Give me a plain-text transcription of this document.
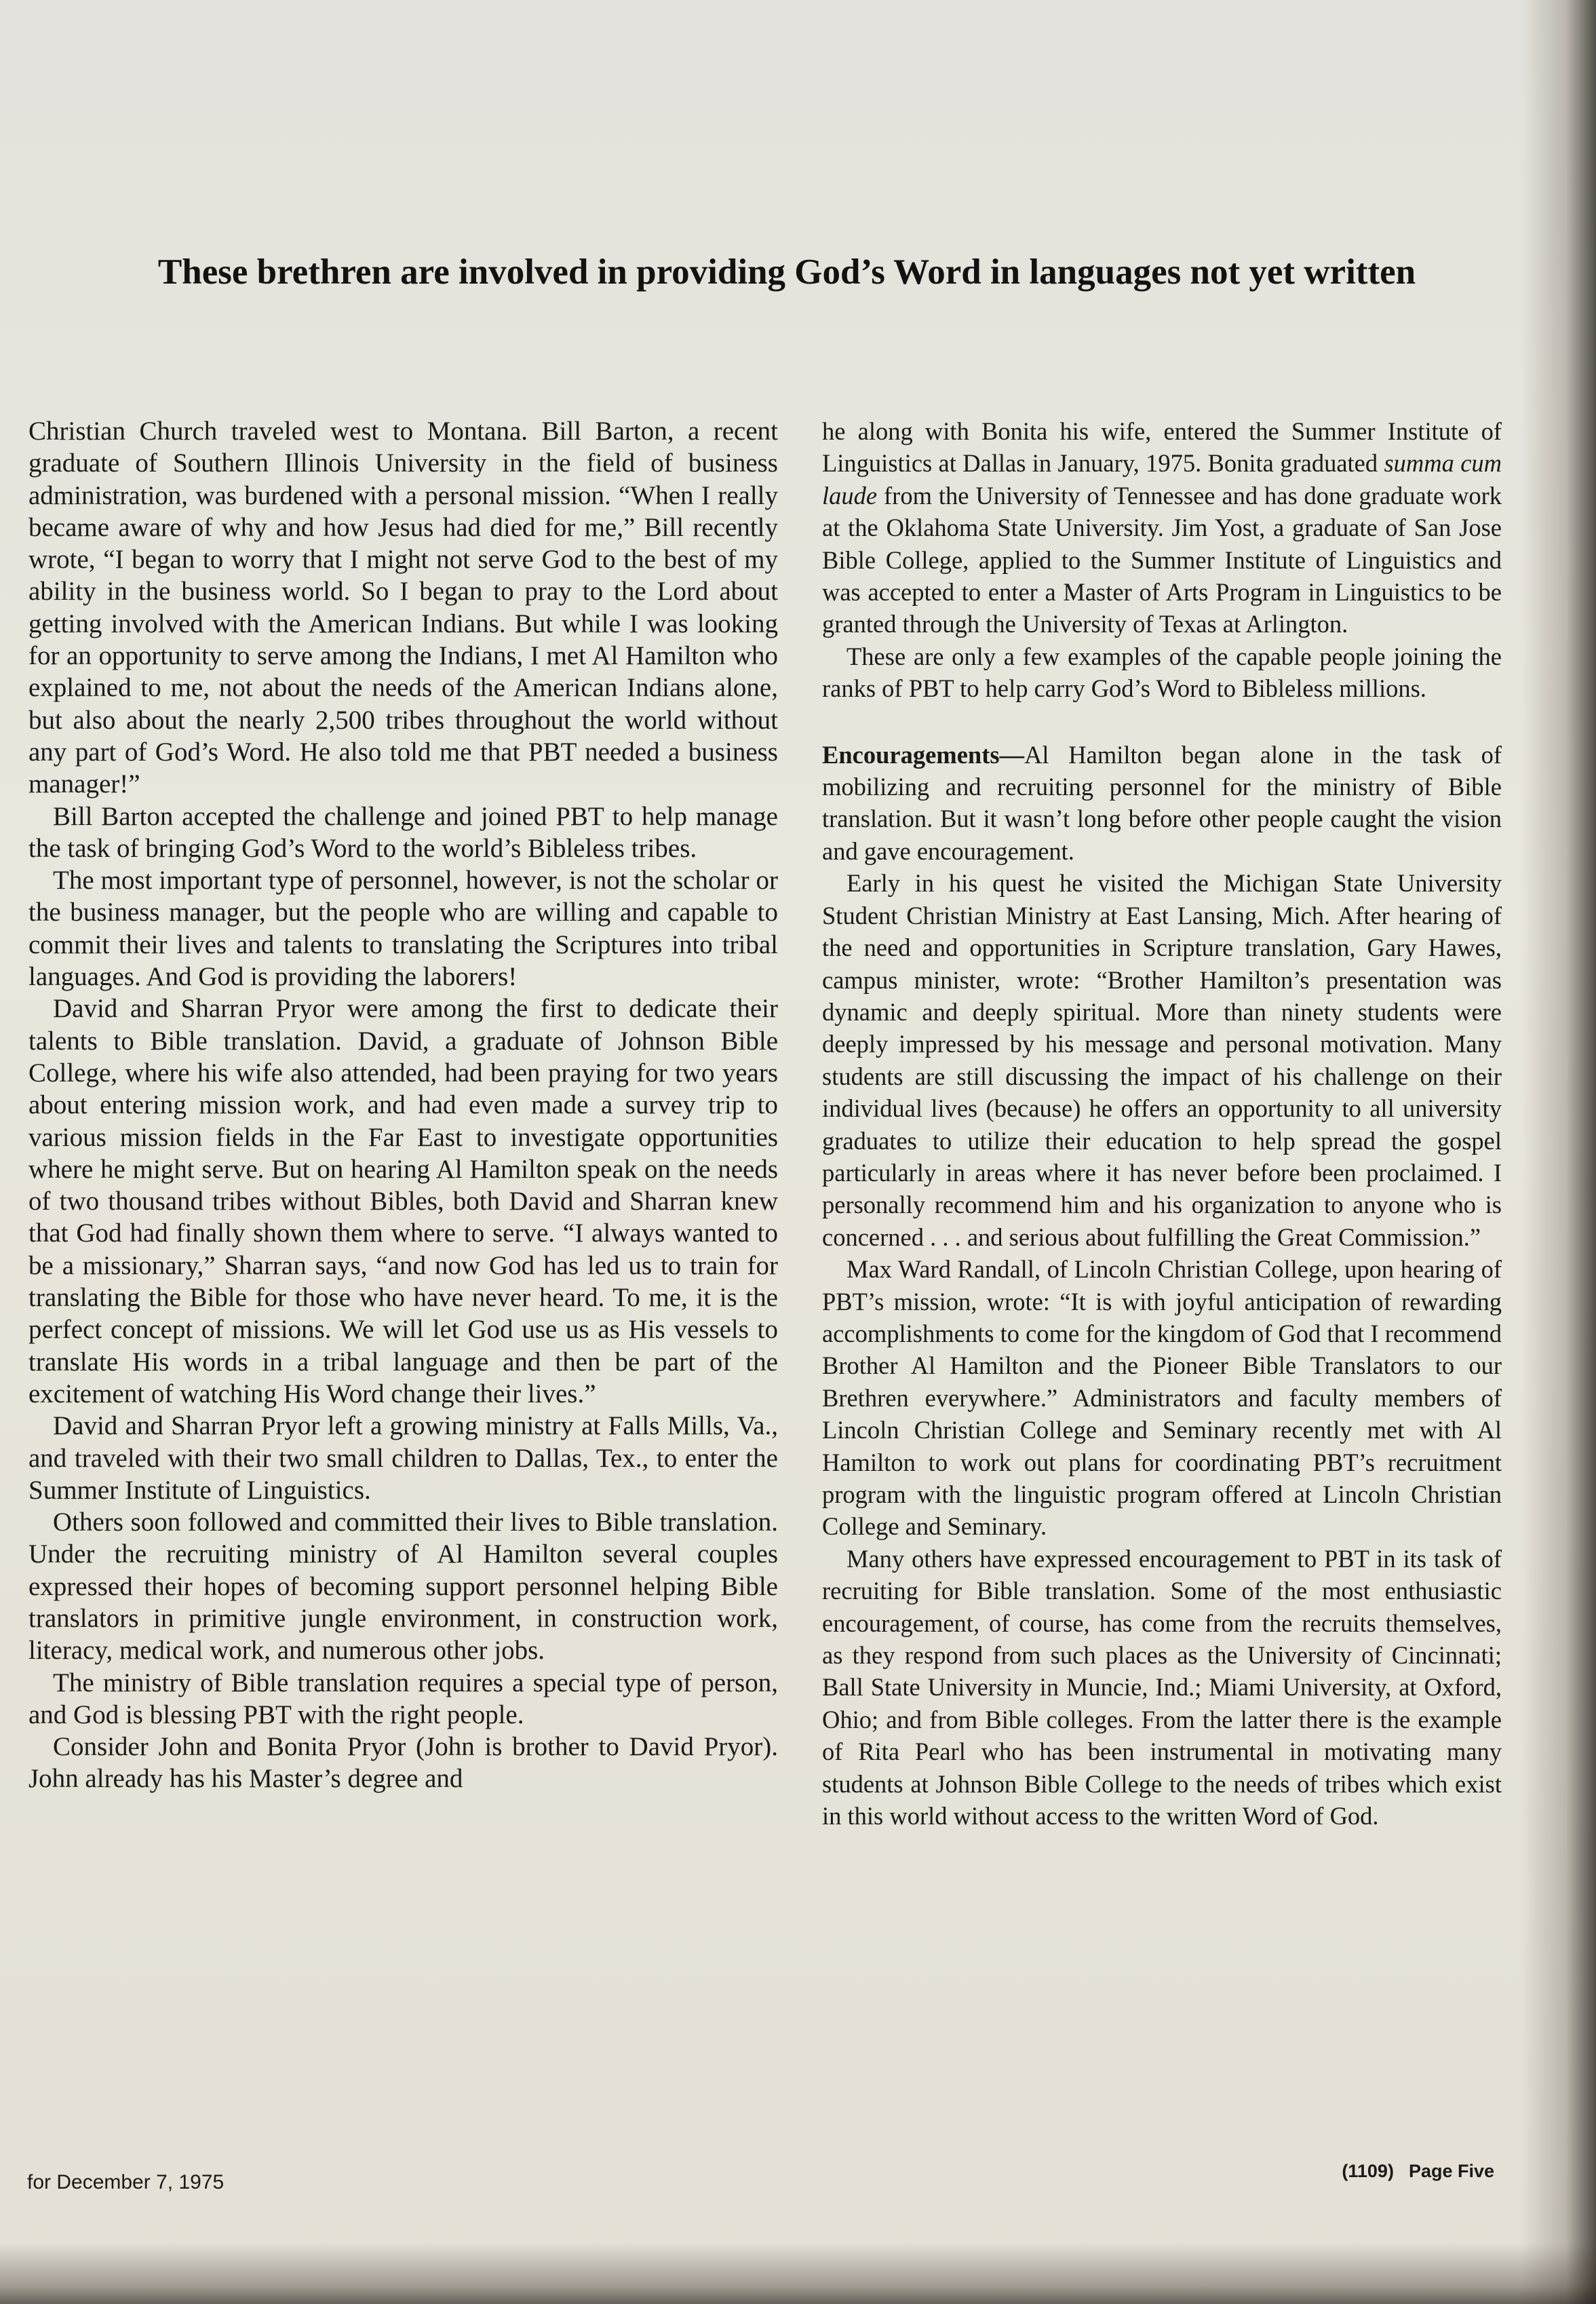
These brethren are involved in providing God’s Word in languages not yet written

Christian Church traveled west to Montana. Bill Barton, a recent graduate of Southern Illinois University in the field of business administration, was burdened with a personal mission. “When I really became aware of why and how Jesus had died for me,” Bill recently wrote, “I began to worry that I might not serve God to the best of my ability in the business world. So I began to pray to the Lord about getting involved with the American Indians. But while I was looking for an opportunity to serve among the Indians, I met Al Hamilton who explained to me, not about the needs of the American Indians alone, but also about the nearly 2,500 tribes throughout the world without any part of God’s Word. He also told me that PBT needed a business manager!”

Bill Barton accepted the challenge and joined PBT to help manage the task of bringing God’s Word to the world’s Bibleless tribes.

The most important type of personnel, however, is not the scholar or the business manager, but the people who are willing and capable to commit their lives and talents to translating the Scriptures into tribal languages. And God is providing the laborers!

David and Sharran Pryor were among the first to dedicate their talents to Bible translation. David, a graduate of Johnson Bible College, where his wife also attended, had been praying for two years about entering mission work, and had even made a survey trip to various mission fields in the Far East to investigate opportunities where he might serve. But on hearing Al Hamilton speak on the needs of two thousand tribes without Bibles, both David and Sharran knew that God had finally shown them where to serve. “I always wanted to be a missionary,” Sharran says, “and now God has led us to train for translating the Bible for those who have never heard. To me, it is the perfect concept of missions. We will let God use us as His vessels to translate His words in a tribal language and then be part of the excitement of watching His Word change their lives.”

David and Sharran Pryor left a growing ministry at Falls Mills, Va., and traveled with their two small children to Dallas, Tex., to enter the Summer Institute of Linguistics.

Others soon followed and committed their lives to Bible translation. Under the recruiting ministry of Al Hamilton several couples expressed their hopes of becoming support personnel helping Bible translators in primitive jungle environment, in construction work, literacy, medical work, and numerous other jobs.

The ministry of Bible translation requires a special type of person, and God is blessing PBT with the right people.

Consider John and Bonita Pryor (John is brother to David Pryor). John already has his Master’s degree and

he along with Bonita his wife, entered the Summer Institute of Linguistics at Dallas in January, 1975. Bonita graduated summa cum laude from the University of Tennessee and has done graduate work at the Oklahoma State University. Jim Yost, a graduate of San Jose Bible College, applied to the Summer Institute of Linguistics and was accepted to enter a Master of Arts Program in Linguistics to be granted through the University of Texas at Arlington.

These are only a few examples of the capable people joining the ranks of PBT to help carry God’s Word to Bibleless millions.

Encouragements—Al Hamilton began alone in the task of mobilizing and recruiting personnel for the ministry of Bible translation. But it wasn’t long before other people caught the vision and gave encouragement.

Early in his quest he visited the Michigan State University Student Christian Ministry at East Lansing, Mich. After hearing of the need and opportunities in Scripture translation, Gary Hawes, campus minister, wrote: “Brother Hamilton’s presentation was dynamic and deeply spiritual. More than ninety students were deeply impressed by his message and personal motivation. Many students are still discussing the impact of his challenge on their individual lives (because) he offers an opportunity to all university graduates to utilize their education to help spread the gospel particularly in areas where it has never before been proclaimed. I personally recommend him and his organization to anyone who is concerned . . . and serious about fulfilling the Great Commission.”

Max Ward Randall, of Lincoln Christian College, upon hearing of PBT’s mission, wrote: “It is with joyful anticipation of rewarding accomplishments to come for the kingdom of God that I recommend Brother Al Hamilton and the Pioneer Bible Translators to our Brethren everywhere.” Administrators and faculty members of Lincoln Christian College and Seminary recently met with Al Hamilton to work out plans for coordinating PBT’s recruitment program with the linguistic program offered at Lincoln Christian College and Seminary.

Many others have expressed encouragement to PBT in its task of recruiting for Bible translation. Some of the most enthusiastic encouragement, of course, has come from the recruits themselves, as they respond from such places as the University of Cincinnati; Ball State University in Muncie, Ind.; Miami University, at Oxford, Ohio; and from Bible colleges. From the latter there is the example of Rita Pearl who has been instrumental in motivating many students at Johnson Bible College to the needs of tribes which exist in this world without access to the written Word of God.

for December 7, 1975	(1109) Page Five
